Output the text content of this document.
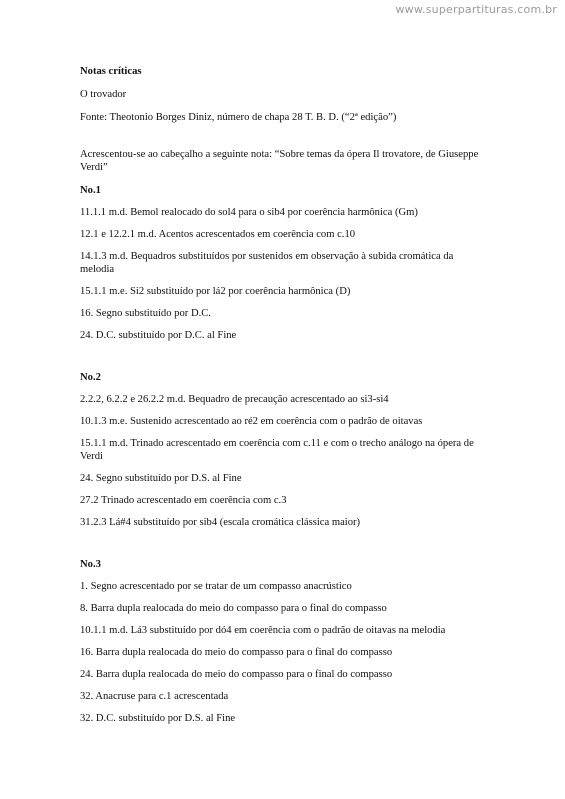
www.superpartituras.com.br
Notas críticas
O trovador
Fonte: Theotonio Borges Diniz, número de chapa 28 T. B. D. (“2ª edição”)
Acrescentou-se ao cabeçalho a seguinte nota: “Sobre temas da ópera Il trovatore, de Giuseppe Verdi”
No.1
11.1.1 m.d. Bemol realocado do sol4 para o sib4 por coerência harmônica (Gm)
12.1 e 12.2.1 m.d. Acentos acrescentados em coerência com c.10
14.1.3 m.d. Bequadros substituídos por sustenidos em observação à subida cromática da melodia
15.1.1 m.e. Si2 substituído por lá2 por coerência harmônica (D)
16. Segno substituído por D.C.
24. D.C. substituído por D.C. al Fine
No.2
2.2.2, 6.2.2 e 26.2.2 m.d. Bequadro de precaução acrescentado ao si3-si4
10.1.3 m.e. Sustenido acrescentado ao ré2 em coerência com o padrão de oitavas
15.1.1 m.d. Trinado acrescentado em coerência com c.11 e com o trecho análogo na ópera de Verdi
24. Segno substituído por D.S. al Fine
27.2 Trinado acrescentado em coerência com c.3
31.2.3 Lá#4 substituído por sib4 (escala cromática clássica maior)
No.3
1. Segno acrescentado por se tratar de um compasso anacrústico
8. Barra dupla realocada do meio do compasso para o final do compasso
10.1.1 m.d. Lá3 substituído por dó4 em coerência com o padrão de oitavas na melodia
16. Barra dupla realocada do meio do compasso para o final do compasso
24. Barra dupla realocada do meio do compasso para o final do compasso
32. Anacruse para c.1 acrescentada
32. D.C. substituído por D.S. al Fine
